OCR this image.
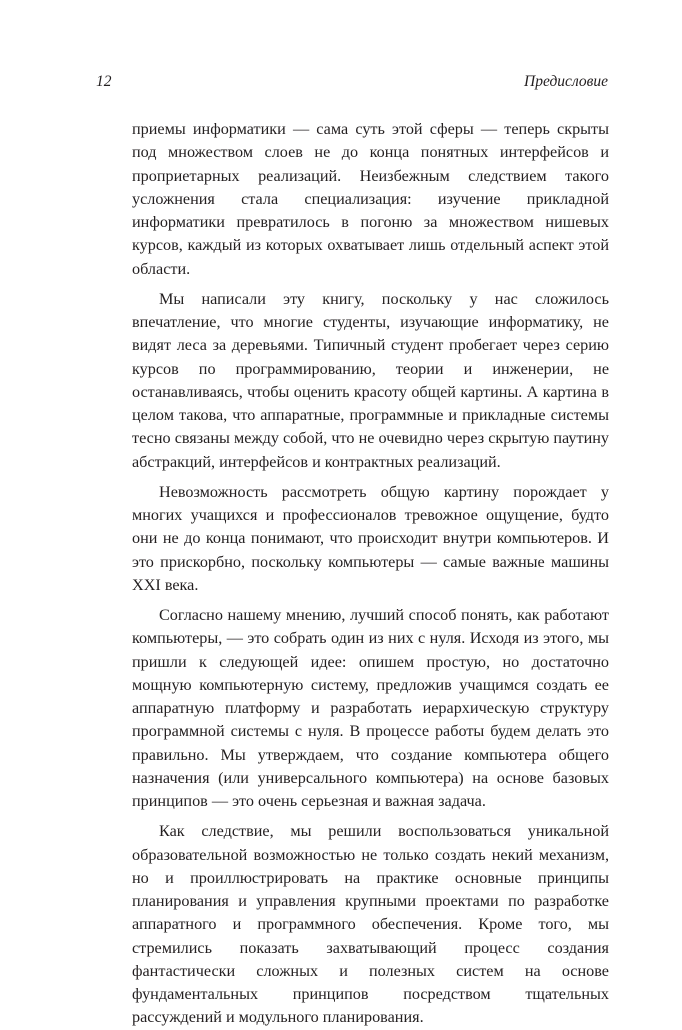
12	Предисловие

приемы информатики — сама суть этой сферы — теперь скрыты под множеством слоев не до конца понятных интерфейсов и проприетарных реализаций. Неизбежным следствием такого усложнения стала специализация: изучение прикладной информатики превратилось в погоню за множеством нишевых курсов, каждый из которых охватывает лишь отдельный аспект этой области.

Мы написали эту книгу, поскольку у нас сложилось впечатление, что многие студенты, изучающие информатику, не видят леса за деревьями. Типичный студент пробегает через серию курсов по программированию, теории и инженерии, не останавливаясь, чтобы оценить красоту общей картины. А картина в целом такова, что аппаратные, программные и прикладные системы тесно связаны между собой, что не очевидно через скрытую паутину абстракций, интерфейсов и контрактных реализаций.

Невозможность рассмотреть общую картину порождает у многих учащихся и профессионалов тревожное ощущение, будто они не до конца понимают, что происходит внутри компьютеров. И это прискорбно, поскольку компьютеры — самые важные машины XXI века.

Согласно нашему мнению, лучший способ понять, как работают компьютеры, — это собрать один из них с нуля. Исходя из этого, мы пришли к следующей идее: опишем простую, но достаточно мощную компьютерную систему, предложив учащимся создать ее аппаратную платформу и разработать иерархическую структуру программной системы с нуля. В процессе работы будем делать это правильно. Мы утверждаем, что создание компьютера общего назначения (или универсального компьютера) на основе базовых принципов — это очень серьезная и важная задача.

Как следствие, мы решили воспользоваться уникальной образовательной возможностью не только создать некий механизм, но и проиллюстрировать на практике основные принципы планирования и управления крупными проектами по разработке аппаратного и программного обеспечения. Кроме того, мы стремились показать захватывающий процесс создания фантастически сложных и полезных систем на основе фундаментальных принципов посредством тщательных рассуждений и модульного планирования.
